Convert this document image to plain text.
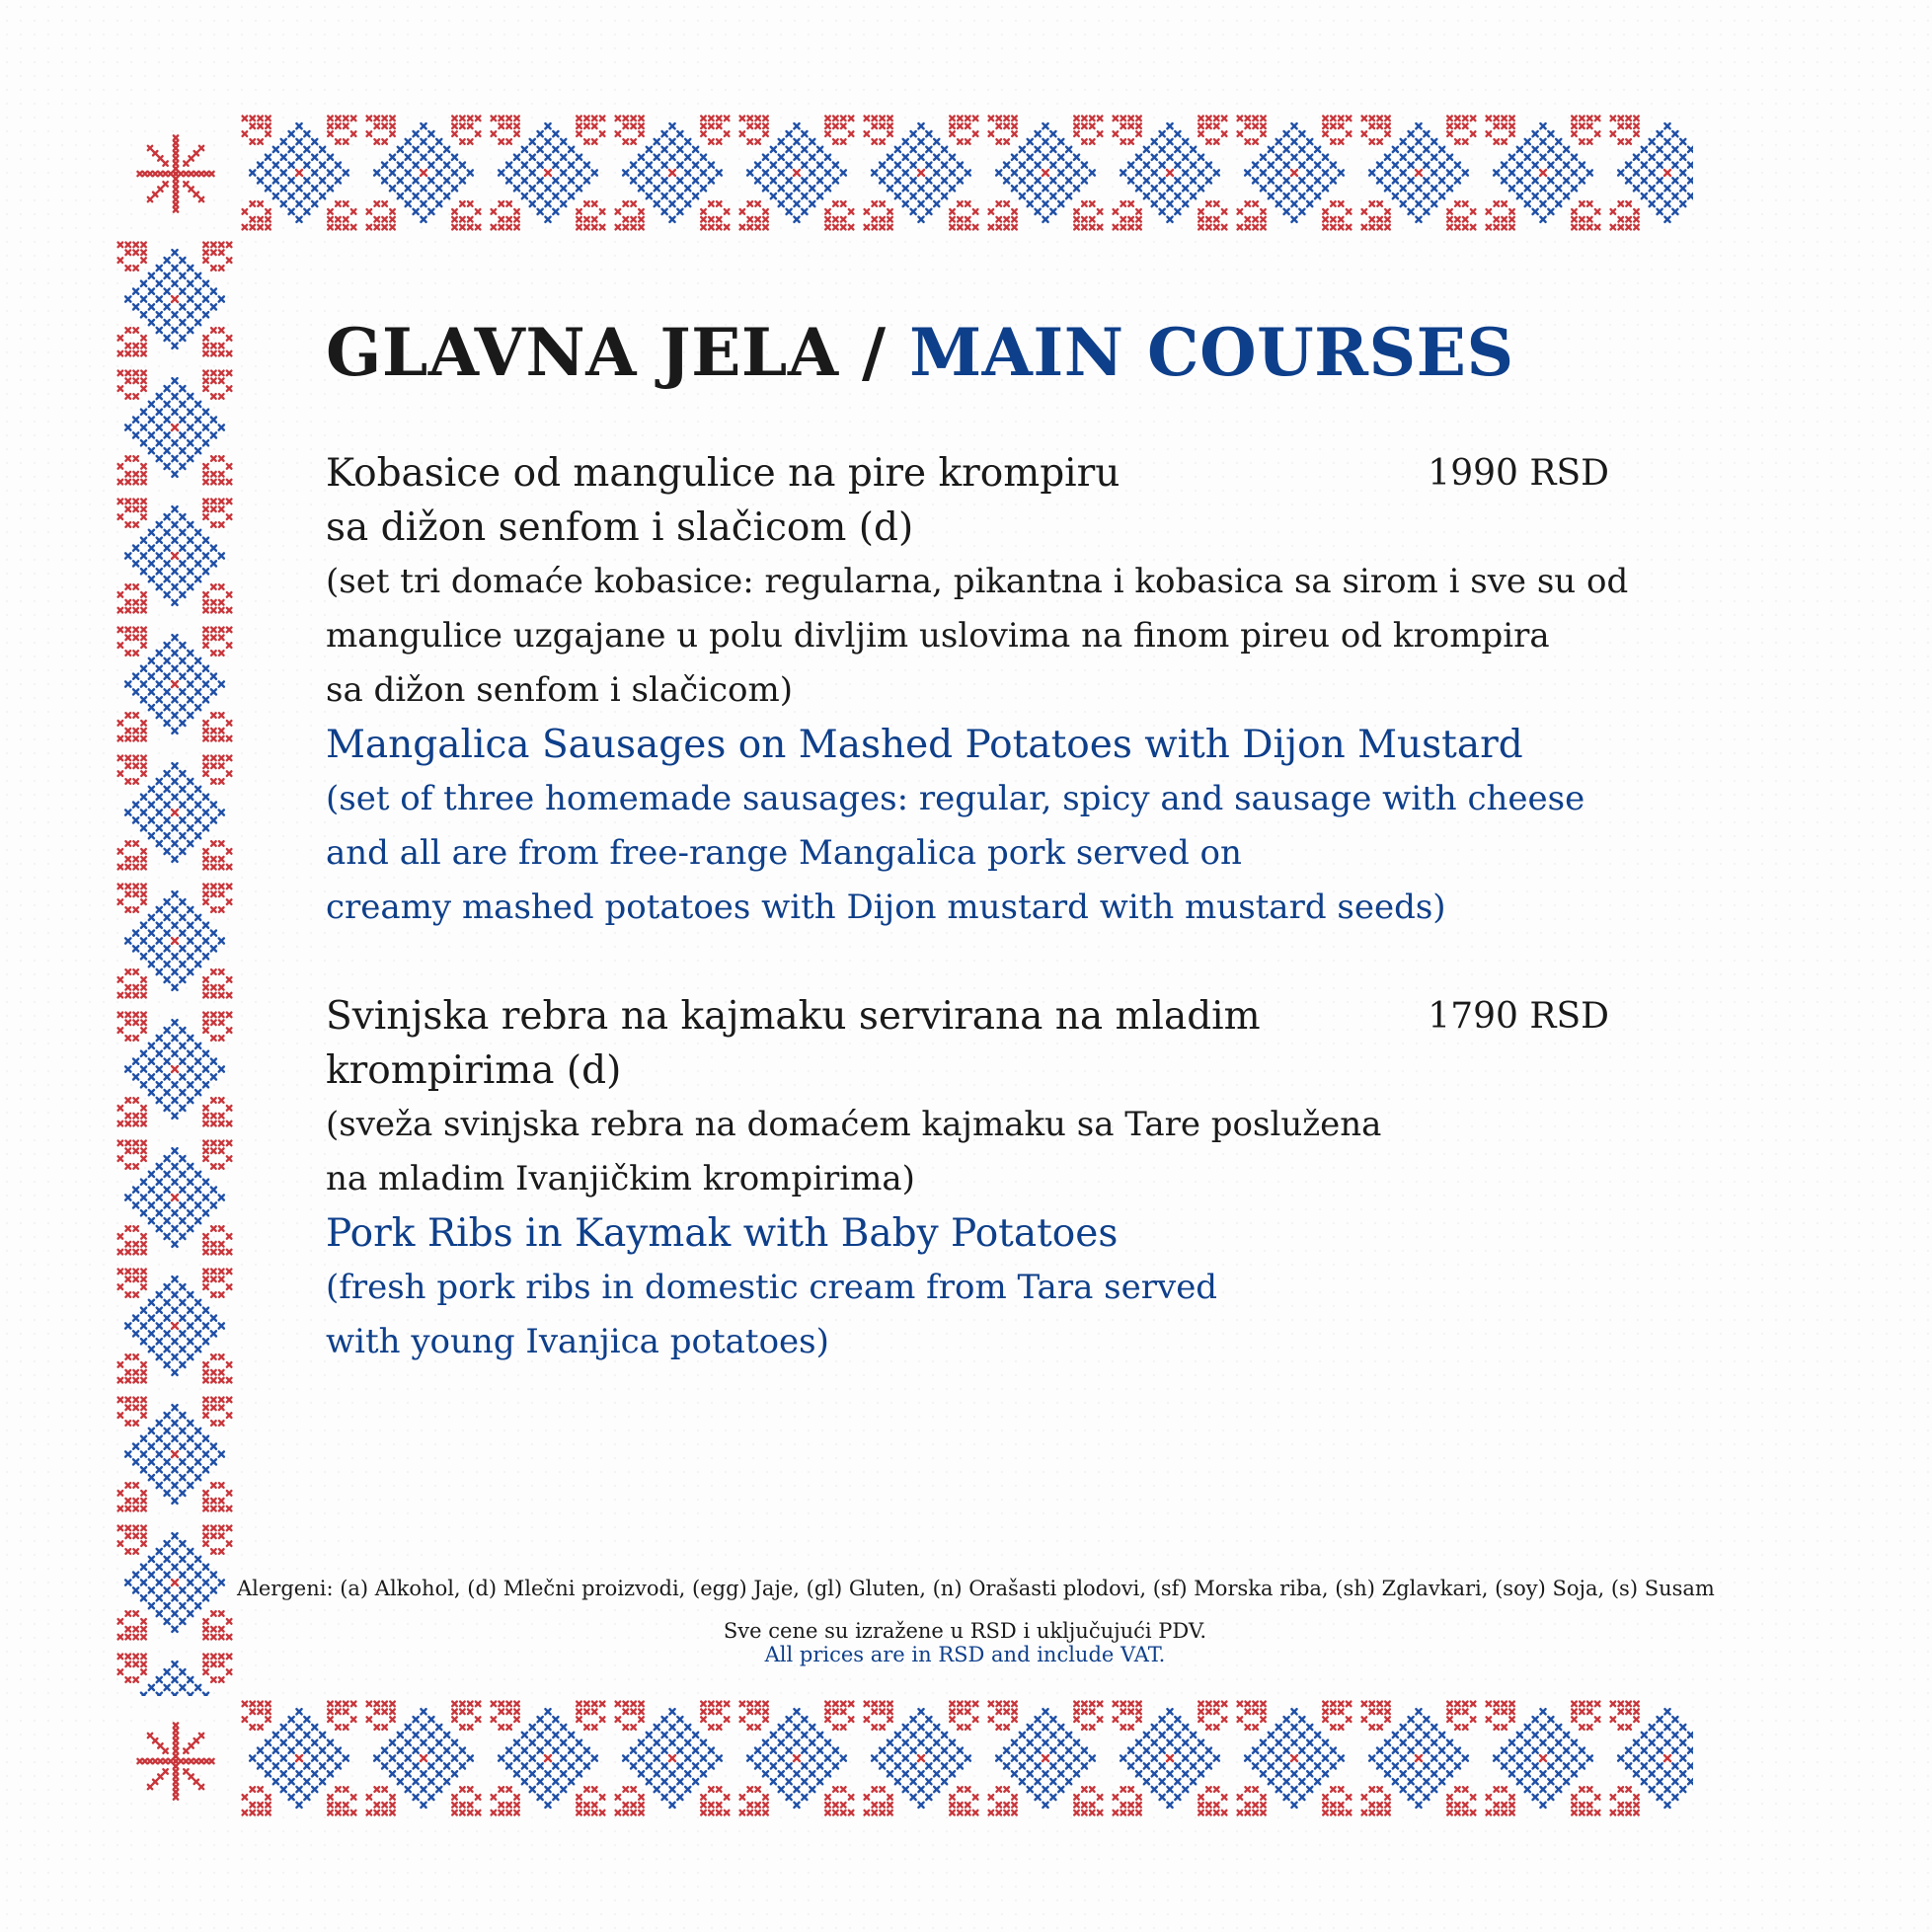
GLAVNA JELA / MAIN COURSES
Kobasice od mangulice na pire krompiru
sa dižon senfom i slačicom (d)
1990 RSD
(set tri domaće kobasice: regularna, pikantna i kobasica sa sirom i sve su od
mangulice uzgajane u polu divljim uslovima na finom pireu od krompira
sa dižon senfom i slačicom)
Mangalica Sausages on Mashed Potatoes with Dijon Mustard
(set of three homemade sausages: regular, spicy and sausage with cheese
and all are from free-range Mangalica pork served on
creamy mashed potatoes with Dijon mustard with mustard seeds)
Svinjska rebra na kajmaku servirana na mladim krompirima (d)
1790 RSD
(sveža svinjska rebra na domaćem kajmaku sa Tare poslužena
na mladim Ivanjičkim krompirima)
Pork Ribs in Kaymak with Baby Potatoes
(fresh pork ribs in domestic cream from Tara served
with young Ivanjica potatoes)
Alergeni: (a) Alkohol, (d) Mlečni proizvodi, (egg) Jaje, (gl) Gluten, (n) Orašasti plodovi, (sf) Morska riba, (sh) Zglavkari, (soy) Soja, (s) Susam
Sve cene su izražene u RSD i uključujući PDV.
All prices are in RSD and include VAT.
